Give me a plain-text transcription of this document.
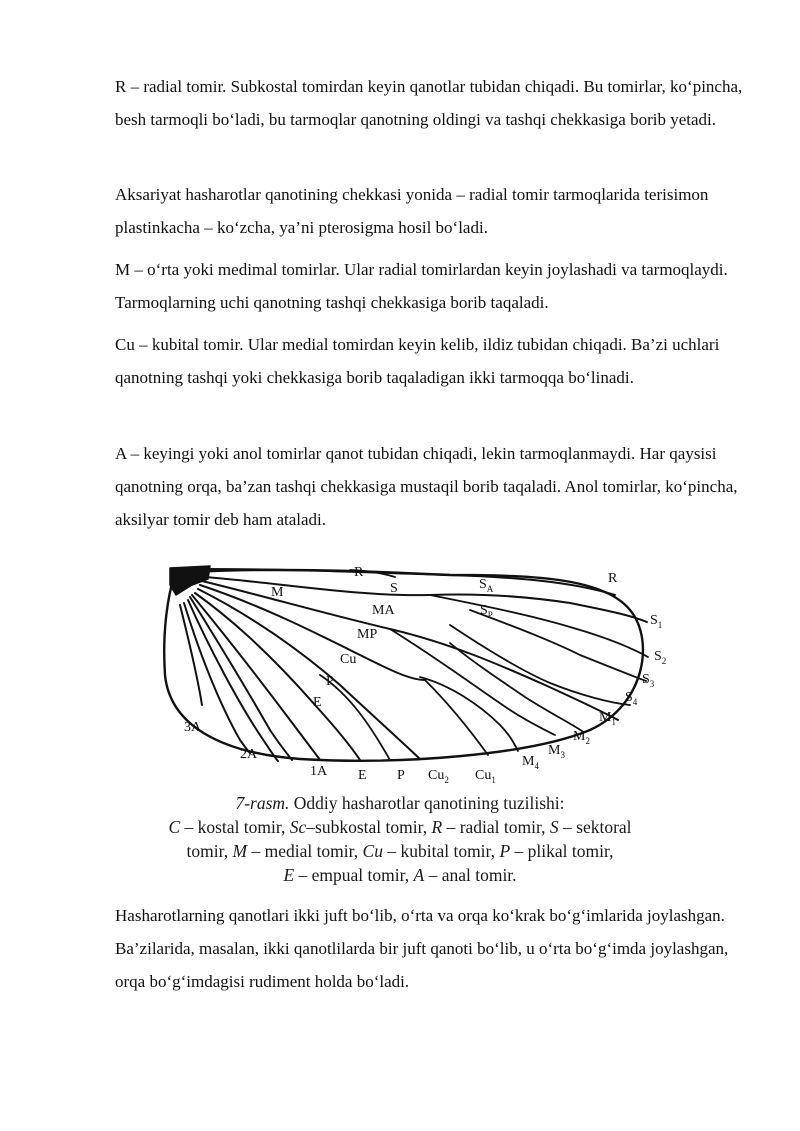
R – radial tomir. Subkostal tomirdan keyin qanotlar tubidan chiqadi. Bu tomirlar, ko‘pincha, besh tarmoqli bo‘ladi, bu tarmoqlar qanotning oldingi va tashqi chekkasiga borib yetadi.

Aksariyat hasharotlar qanotining chekkasi yonida – radial tomir tarmoqlarida terisimon plastinkacha – ko‘zcha, ya’ni pterosigma hosil bo‘ladi.

M – o‘rta yoki medimal tomirlar. Ular radial tomirlardan keyin joylashadi va tarmoqlaydi. Tarmoqlarning uchi qanotning tashqi chekkasiga borib taqaladi.

Cu – kubital tomir. Ular medial tomirdan keyin kelib, ildiz tubidan chiqadi. Ba’zi uchlari qanotning tashqi yoki chekkasiga borib taqaladigan ikki tarmoqqa bo‘linadi.

A – keyingi yoki anol tomirlar qanot tubidan chiqadi, lekin tarmoqlanmaydi. Har qaysisi qanotning orqa, ba’zan tashqi chekkasiga mustaqil borib taqaladi. Anol tomirlar, ko‘pincha, aksilyar tomir deb ham ataladi.

R
S	$S_A$
R
M
MA	$S_P$	$S_1$
MP
$S_2$
Cu
$S_3$
P
$S_4$
E
$M_1$
$M_2$
$M_3$
$M_4$
3A
2A
1A E P $Cu_2$ $Cu_1$

7-rasm. Oddiy hasharotlar qanotining tuzilishi:

C – kostal tomir, Sc–subkostal tomir, R – radial tomir, S – sektoral

tomir, M – medial tomir, Cu – kubital tomir, P – plikal tomir,

E – empual tomir, A – anal tomir.

Hasharotlarning qanotlari ikki juft bo‘lib, o‘rta va orqa ko‘krak bo‘g‘imlarida joylashgan. Ba’zilarida, masalan, ikki qanotlilarda bir juft qanoti bo‘lib, u o‘rta bo‘g‘imda joylashgan, orqa bo‘g‘imdagisi rudiment holda bo‘ladi.
